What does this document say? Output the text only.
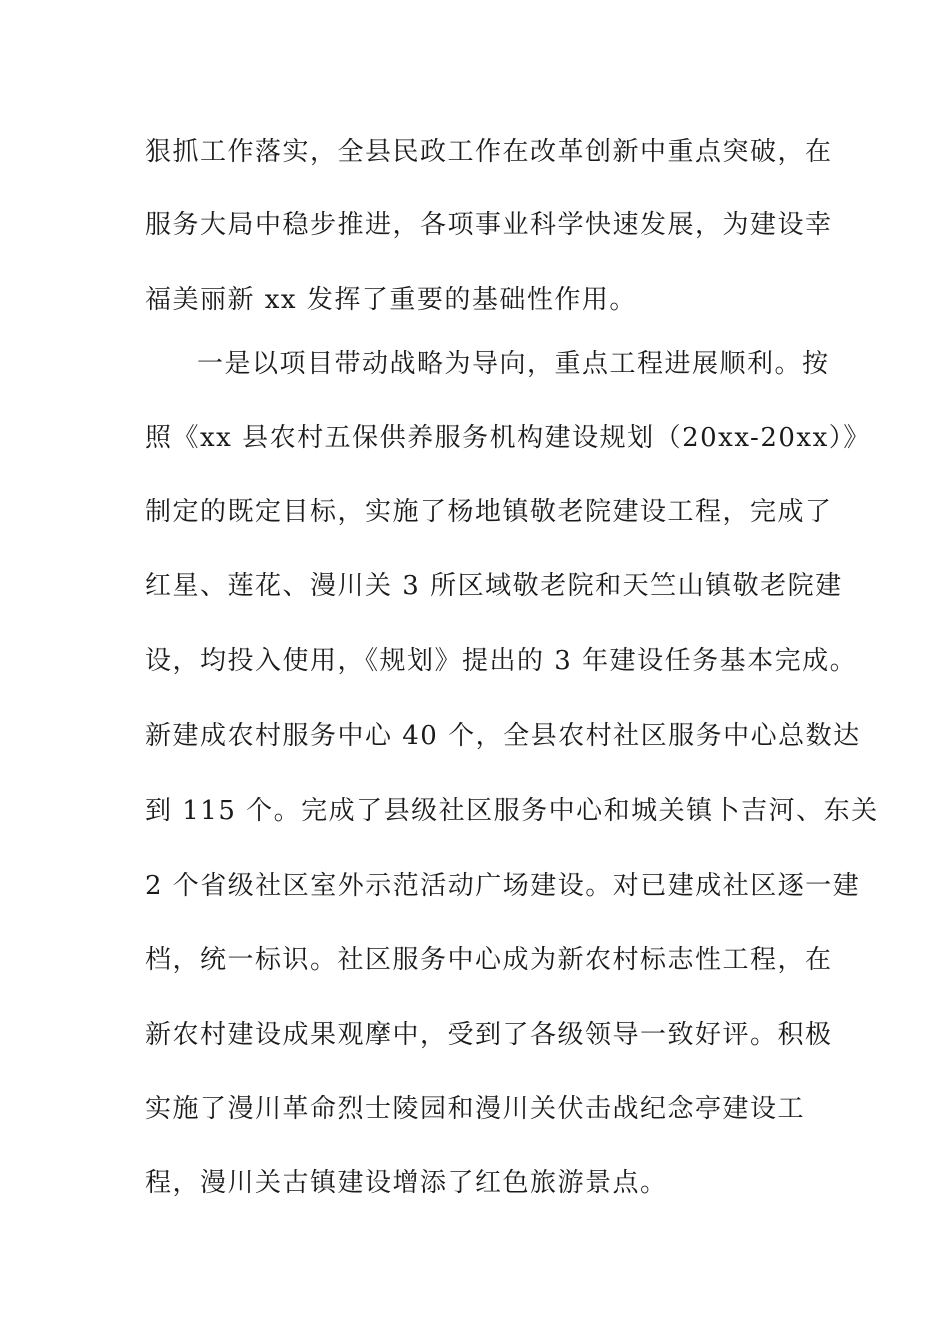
狠抓工作落实，全县民政工作在改革创新中重点突破，在
服务大局中稳步推进，各项事业科学快速发展，为建设幸
福美丽新 xx 发挥了重要的基础性作用。
一是以项目带动战略为导向，重点工程进展顺利。按
照《xx 县农村五保供养服务机构建设规划（20xx-20xx）》
制定的既定目标，实施了杨地镇敬老院建设工程，完成了
红星、莲花、漫川关 3 所区域敬老院和天竺山镇敬老院建
设，均投入使用，《规划》提出的 3 年建设任务基本完成。
新建成农村服务中心 40 个，全县农村社区服务中心总数达
到 115 个。完成了县级社区服务中心和城关镇卜吉河、东关
2 个省级社区室外示范活动广场建设。对已建成社区逐一建
档，统一标识。社区服务中心成为新农村标志性工程，在
新农村建设成果观摩中，受到了各级领导一致好评。积极
实施了漫川革命烈士陵园和漫川关伏击战纪念亭建设工
程，漫川关古镇建设增添了红色旅游景点。
